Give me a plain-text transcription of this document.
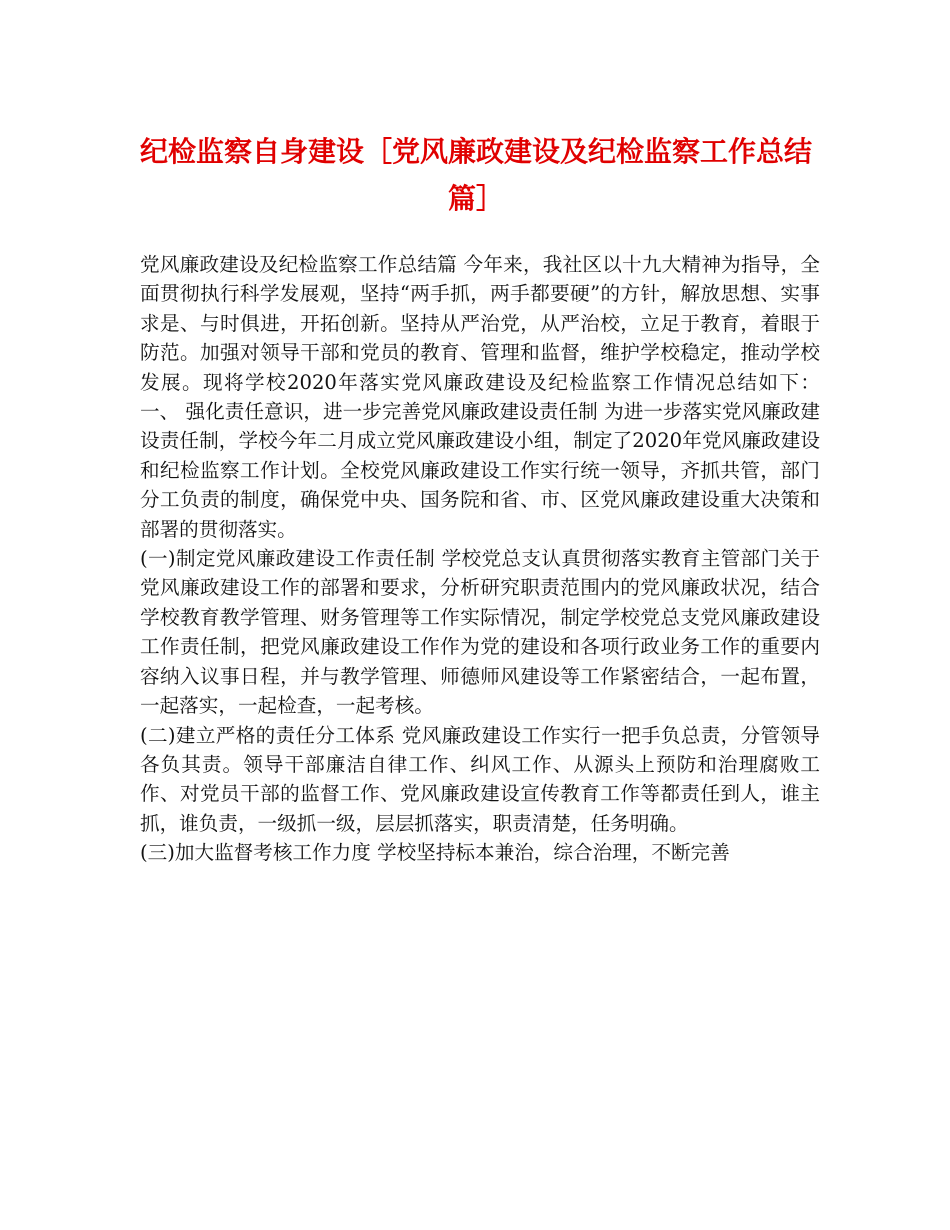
纪检监察自身建设［党风廉政建设及纪检监察工作总结篇］

党风廉政建设及纪检监察工作总结篇 今年来，我社区以十九大精神为指导，全面贯彻执行科学发展观，坚持“两手抓，两手都要硬”的方针，解放思想、实事求是、与时俱进，开拓创新。坚持从严治党，从严治校，立足于教育，着眼于防范。加强对领导干部和党员的教育、管理和监督，维护学校稳定，推动学校发展。现将学校2020年落实党风廉政建设及纪检监察工作情况总结如下： 一、 强化责任意识，进一步完善党风廉政建设责任制 为进一步落实党风廉政建设责任制，学校今年二月成立党风廉政建设小组，制定了2020年党风廉政建设和纪检监察工作计划。全校党风廉政建设工作实行统一领导，齐抓共管，部门分工负责的制度，确保党中央、国务院和省、市、区党风廉政建设重大决策和部署的贯彻落实。

(一)制定党风廉政建设工作责任制 学校党总支认真贯彻落实教育主管部门关于党风廉政建设工作的部署和要求，分析研究职责范围内的党风廉政状况，结合学校教育教学管理、财务管理等工作实际情况，制定学校党总支党风廉政建设工作责任制，把党风廉政建设工作作为党的建设和各项行政业务工作的重要内容纳入议事日程，并与教学管理、师德师风建设等工作紧密结合，一起布置，一起落实，一起检查，一起考核。

(二)建立严格的责任分工体系 党风廉政建设工作实行一把手负总责，分管领导各负其责。领导干部廉洁自律工作、纠风工作、从源头上预防和治理腐败工作、对党员干部的监督工作、党风廉政建设宣传教育工作等都责任到人，谁主抓，谁负责，一级抓一级，层层抓落实，职责清楚，任务明确。

(三)加大监督考核工作力度 学校坚持标本兼治，综合治理，不断完善
